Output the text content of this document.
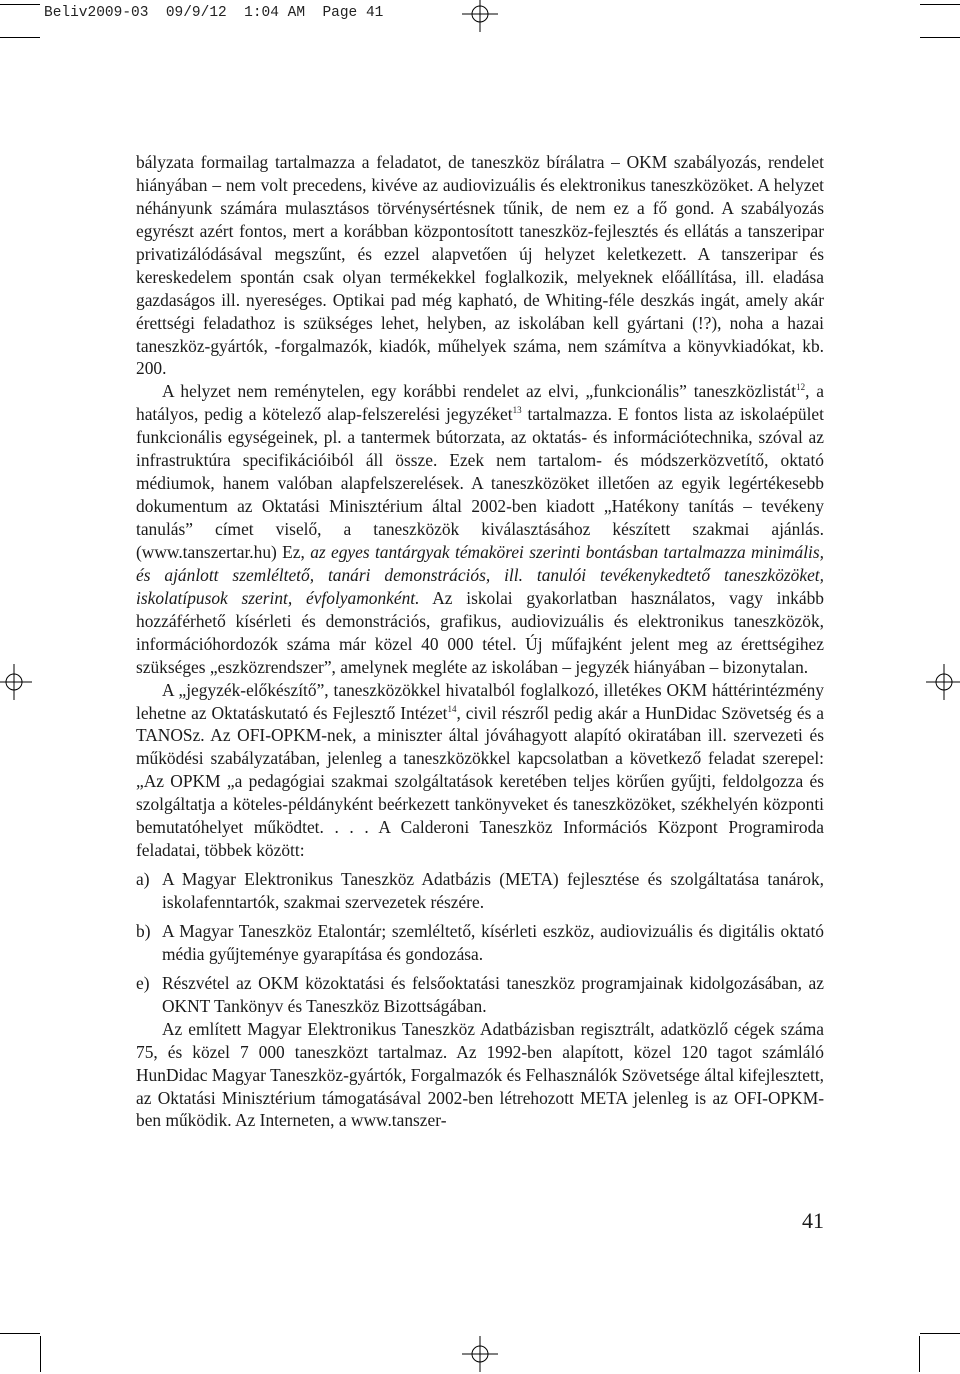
Beliv2009-03  09/9/12  1:04 AM  Page 41

bályzata formailag tartalmazza a feladatot, de taneszköz bírálatra – OKM szabályozás, rendelet hiányában – nem volt precedens, kivéve az audiovizuális és elektronikus taneszközöket. A helyzet néhányunk számára mulasztásos törvénysértésnek tűnik, de nem ez a fő gond. A szabályozás egyrészt azért fontos, mert a korábban központosított taneszköz-fejlesztés és ellátás a tanszeripar privatizálódásával megszűnt, és ezzel alapvetően új helyzet keletkezett. A tanszeripar és kereskedelem spontán csak olyan termékekkel foglalkozik, melyeknek előállítása, ill. eladása gazdaságos ill. nyereséges. Optikai pad még kapható, de Whiting-féle deszkás ingát, amely akár érettségi feladathoz is szükséges lehet, helyben, az iskolában kell gyártani (!?), noha a hazai taneszköz-gyártók, -forgalmazók, kiadók, műhelyek száma, nem számítva a könyvkiadókat, kb. 200.

A helyzet nem reménytelen, egy korábbi rendelet az elvi, „funkcionális” taneszközlistát$^{12}$, a hatályos, pedig a kötelező alap-felszerelési jegyzéket$^{13}$ tartalmazza. E fontos lista az iskolaépület funkcionális egységeinek, pl. a tantermek bútorzata, az oktatás- és információtechnika, szóval az infrastruktúra specifikációiból áll össze. Ezek nem tartalom- és módszerközvetítő, oktató médiumok, hanem valóban alapfelszerelések. A taneszközöket illetően az egyik legértékesebb dokumentum az Oktatási Minisztérium által 2002-ben kiadott „Hatékony tanítás – tevékeny tanulás” címet viselő, a taneszközök kiválasztásához készített szakmai ajánlás. (www.tanszertar.hu) Ez, az egyes tantárgyak témakörei szerinti bontásban tartalmazza minimális, és ajánlott szemléltető, tanári demonstrációs, ill. tanulói tevékenykedtető taneszközöket, iskolatípusok szerint, évfolyamonként. Az iskolai gyakorlatban használatos, vagy inkább hozzáférhető kísérleti és demonstrációs, grafikus, audiovizuális és elektronikus taneszközök, információhordozók száma már közel 40 000 tétel. Új műfajként jelent meg az érettségihez szükséges „eszközrendszer”, amelynek megléte az iskolában – jegyzék hiányában – bizonytalan.

A „jegyzék-előkészítő”, taneszközökkel hivatalból foglalkozó, illetékes OKM háttérintézmény lehetne az Oktatáskutató és Fejlesztő Intézet$^{14}$, civil részről pedig akár a HunDidac Szövetség és a TANOSz. Az OFI-OPKM-nek, a miniszter által jóváhagyott alapító okiratában ill. szervezeti és működési szabályzatában, jelenleg a taneszközökkel kapcsolatban a következő feladat szerepel: „Az OPKM „a pedagógiai szakmai szolgáltatások keretében teljes körűen gyűjti, feldolgozza és szolgáltatja a köteles-példányként beérkezett tankönyveket és taneszközöket, székhelyén központi bemutatóhelyet működtet. . . . A Calderoni Taneszköz Információs Központ Programiroda feladatai, többek között:

a) A Magyar Elektronikus Taneszköz Adatbázis (META) fejlesztése és szolgáltatása tanárok, iskolafenntartók, szakmai szervezetek részére.
b) A Magyar Taneszköz Etalontár; szemléltető, kísérleti eszköz, audiovizuális és digitális oktató média gyűjteménye gyarapítása és gondozása.
e) Részvétel az OKM közoktatási és felsőoktatási taneszköz programjainak kidolgozásában, az OKNT Tankönyv és Taneszköz Bizottságában.

Az említett Magyar Elektronikus Taneszköz Adatbázisban regisztrált, adatközlő cégek száma 75, és közel 7 000 taneszközt tartalmaz. Az 1992-ben alapított, közel 120 tagot számláló HunDidac Magyar Taneszköz-gyártók, Forgalmazók és Felhasználók Szövetsége által kifejlesztett, az Oktatási Minisztérium támogatásával 2002-ben létrehozott META jelenleg is az OFI-OPKM-ben működik. Az Interneten, a www.tanszer-

41
